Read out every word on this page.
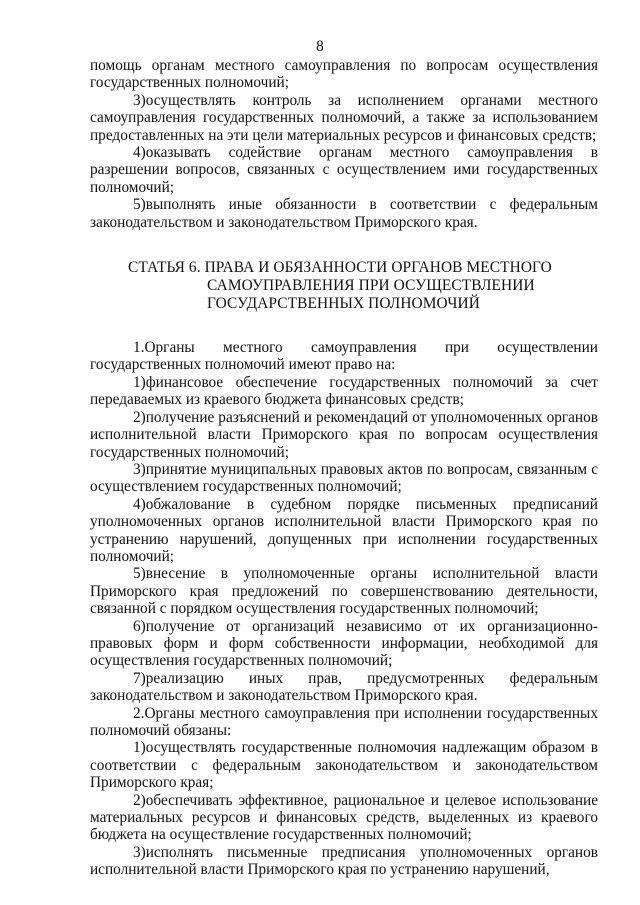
8

помощь органам местного самоуправления по вопросам осуществления государственных полномочий;

3)осуществлять контроль за исполнением органами местного самоуправления государственных полномочий, а также за использованием предоставленных на эти цели материальных ресурсов и финансовых средств;

4)оказывать содействие органам местного самоуправления в разрешении вопросов, связанных с осуществлением ими государственных полномочий;

5)выполнять иные обязанности в соответствии с федеральным законодательством и законодательством Приморского края.

СТАТЬЯ 6. ПРАВА И ОБЯЗАННОСТИ ОРГАНОВ МЕСТНОГО
САМОУПРАВЛЕНИЯ ПРИ ОСУЩЕСТВЛЕНИИ
ГОСУДАРСТВЕННЫХ ПОЛНОМОЧИЙ

1.Органы местного самоуправления при осуществлении государственных полномочий имеют право на:

1)финансовое обеспечение государственных полномочий за счет передаваемых из краевого бюджета финансовых средств;

2)получение разъяснений и рекомендаций от уполномоченных органов исполнительной власти Приморского края по вопросам осуществления государственных полномочий;

3)принятие муниципальных правовых актов по вопросам, связанным с осуществлением государственных полномочий;

4)обжалование в судебном порядке письменных предписаний уполномоченных органов исполнительной власти Приморского края по устранению нарушений, допущенных при исполнении государственных полномочий;

5)внесение в уполномоченные органы исполнительной власти Приморского края предложений по совершенствованию деятельности, связанной с порядком осуществления государственных полномочий;

6)получение от организаций независимо от их организационно-правовых форм и форм собственности информации, необходимой для осуществления государственных полномочий;

7)реализацию иных прав, предусмотренных федеральным законодательством и законодательством Приморского края.

2.Органы местного самоуправления при исполнении государственных полномочий обязаны:

1)осуществлять государственные полномочия надлежащим образом в соответствии с федеральным законодательством и законодательством Приморского края;

2)обеспечивать эффективное, рациональное и целевое использование материальных ресурсов и финансовых средств, выделенных из краевого бюджета на осуществление государственных полномочий;

3)исполнять письменные предписания уполномоченных органов исполнительной власти Приморского края по устранению нарушений,
